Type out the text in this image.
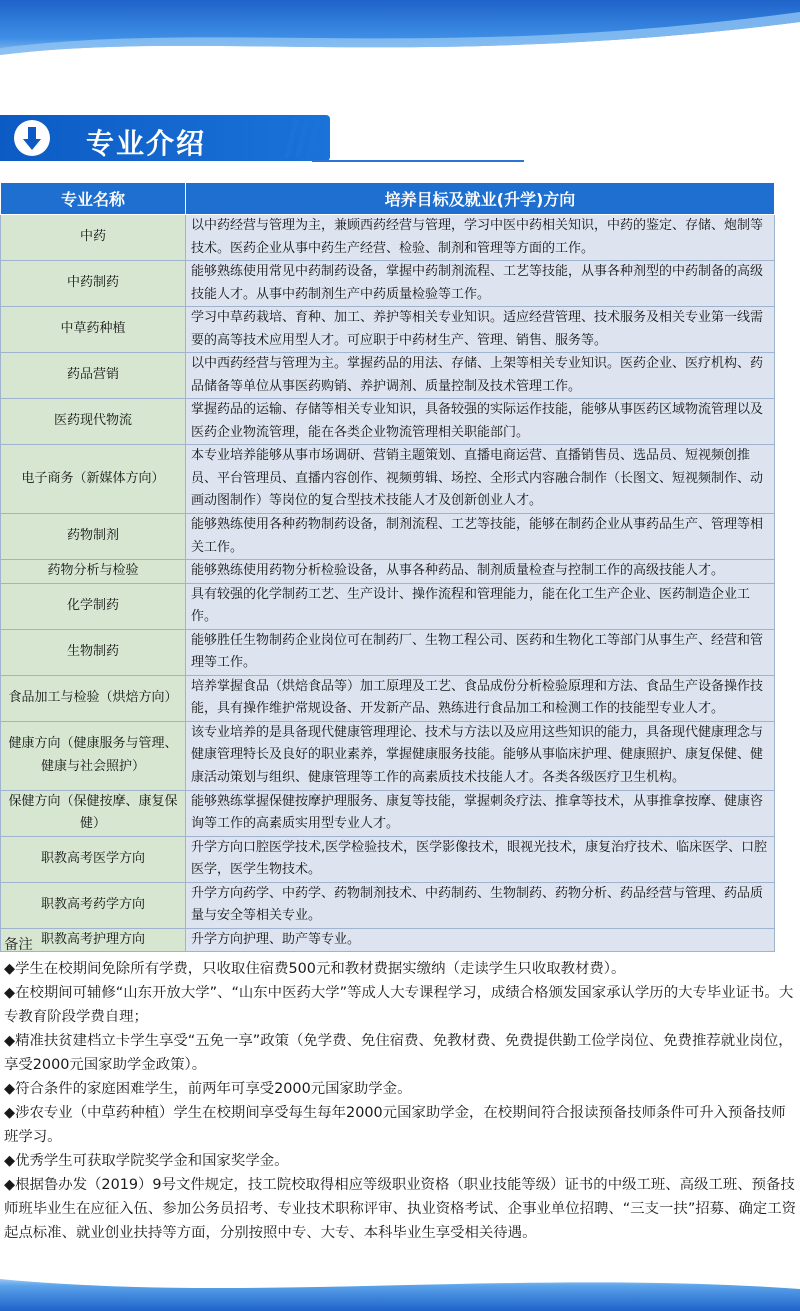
专业介绍
专业名称	培养目标及就业(升学)方向
中药	以中药经营与管理为主，兼顾西药经营与管理，学习中医中药相关知识，中药的鉴定、存储、炮制等技术。医药企业从事中药生产经营、检验、制剂和管理等方面的工作。
中药制药	能够熟练使用常见中药制药设备，掌握中药制剂流程、工艺等技能，从事各种剂型的中药制备的高级技能人才。从事中药制剂生产中药质量检验等工作。
中草药种植	学习中草药栽培、育种、加工、养护等相关专业知识。适应经营管理、技术服务及相关专业第一线需要的高等技术应用型人才。可应职于中药材生产、管理、销售、服务等。
药品营销	以中西药经营与管理为主。掌握药品的用法、存储、上架等相关专业知识。医药企业、医疗机构、药品储备等单位从事医药购销、养护调剂、质量控制及技术管理工作。
医药现代物流	掌握药品的运输、存储等相关专业知识，具备较强的实际运作技能，能够从事医药区域物流管理以及医药企业物流管理，能在各类企业物流管理相关职能部门。
电子商务（新媒体方向）	本专业培养能够从事市场调研、营销主题策划、直播电商运营、直播销售员、选品员、短视频创推员、平台管理员、直播内容创作、视频剪辑、场控、全形式内容融合制作（长图文、短视频制作、动画动图制作）等岗位的复合型技术技能人才及创新创业人才。
药物制剂	能够熟练使用各种药物制药设备，制剂流程、工艺等技能，能够在制药企业从事药品生产、管理等相关工作。
药物分析与检验	能够熟练使用药物分析检验设备，从事各种药品、制剂质量检查与控制工作的高级技能人才。
化学制药	具有较强的化学制药工艺、生产设计、操作流程和管理能力，能在化工生产企业、医药制造企业工作。
生物制药	能够胜任生物制药企业岗位可在制药厂、生物工程公司、医药和生物化工等部门从事生产、经营和管理等工作。
食品加工与检验（烘焙方向）	培养掌握食品（烘焙食品等）加工原理及工艺、食品成份分析检验原理和方法、食品生产设备操作技能，具有操作维护常规设备、开发新产品、熟练进行食品加工和检测工作的技能型专业人才。
健康方向（健康服务与管理、健康与社会照护）	该专业培养的是具备现代健康管理理论、技术与方法以及应用这些知识的能力，具备现代健康理念与健康管理特长及良好的职业素养，掌握健康服务技能。能够从事临床护理、健康照护、康复保健、健康活动策划与组织、健康管理等工作的高素质技术技能人才。各类各级医疗卫生机构。
保健方向（保健按摩、康复保健）	能够熟练掌握保健按摩护理服务、康复等技能，掌握刺灸疗法、推拿等技术，从事推拿按摩、健康咨询等工作的高素质实用型专业人才。
职教高考医学方向	升学方向口腔医学技术,医学检验技术，医学影像技术，眼视光技术，康复治疗技术、临床医学、口腔医学，医学生物技术。
职教高考药学方向	升学方向药学、中药学、药物制剂技术、中药制药、生物制药、药物分析、药品经营与管理、药品质量与安全等相关专业。
职教高考护理方向	升学方向护理、助产等专业。

备注

◆学生在校期间免除所有学费，只收取住宿费500元和教材费据实缴纳（走读学生只收取教材费）。

◆在校期间可辅修“山东开放大学”、“山东中医药大学”等成人大专课程学习，成绩合格颁发国家承认学历的大专毕业证书。大专教育阶段学费自理；

◆精准扶贫建档立卡学生享受“五免一享”政策（免学费、免住宿费、免教材费、免费提供勤工俭学岗位、免费推荐就业岗位，享受2000元国家助学金政策）。

◆符合条件的家庭困难学生，前两年可享受2000元国家助学金。

◆涉农专业（中草药种植）学生在校期间享受每生每年2000元国家助学金，在校期间符合报读预备技师条件可升入预备技师班学习。

◆优秀学生可获取学院奖学金和国家奖学金。

◆根据鲁办发（2019）9号文件规定，技工院校取得相应等级职业资格（职业技能等级）证书的中级工班、高级工班、预备技师班毕业生在应征入伍、参加公务员招考、专业技术职称评审、执业资格考试、企事业单位招聘、“三支一扶”招募、确定工资起点标准、就业创业扶持等方面，分别按照中专、大专、本科毕业生享受相关待遇。
